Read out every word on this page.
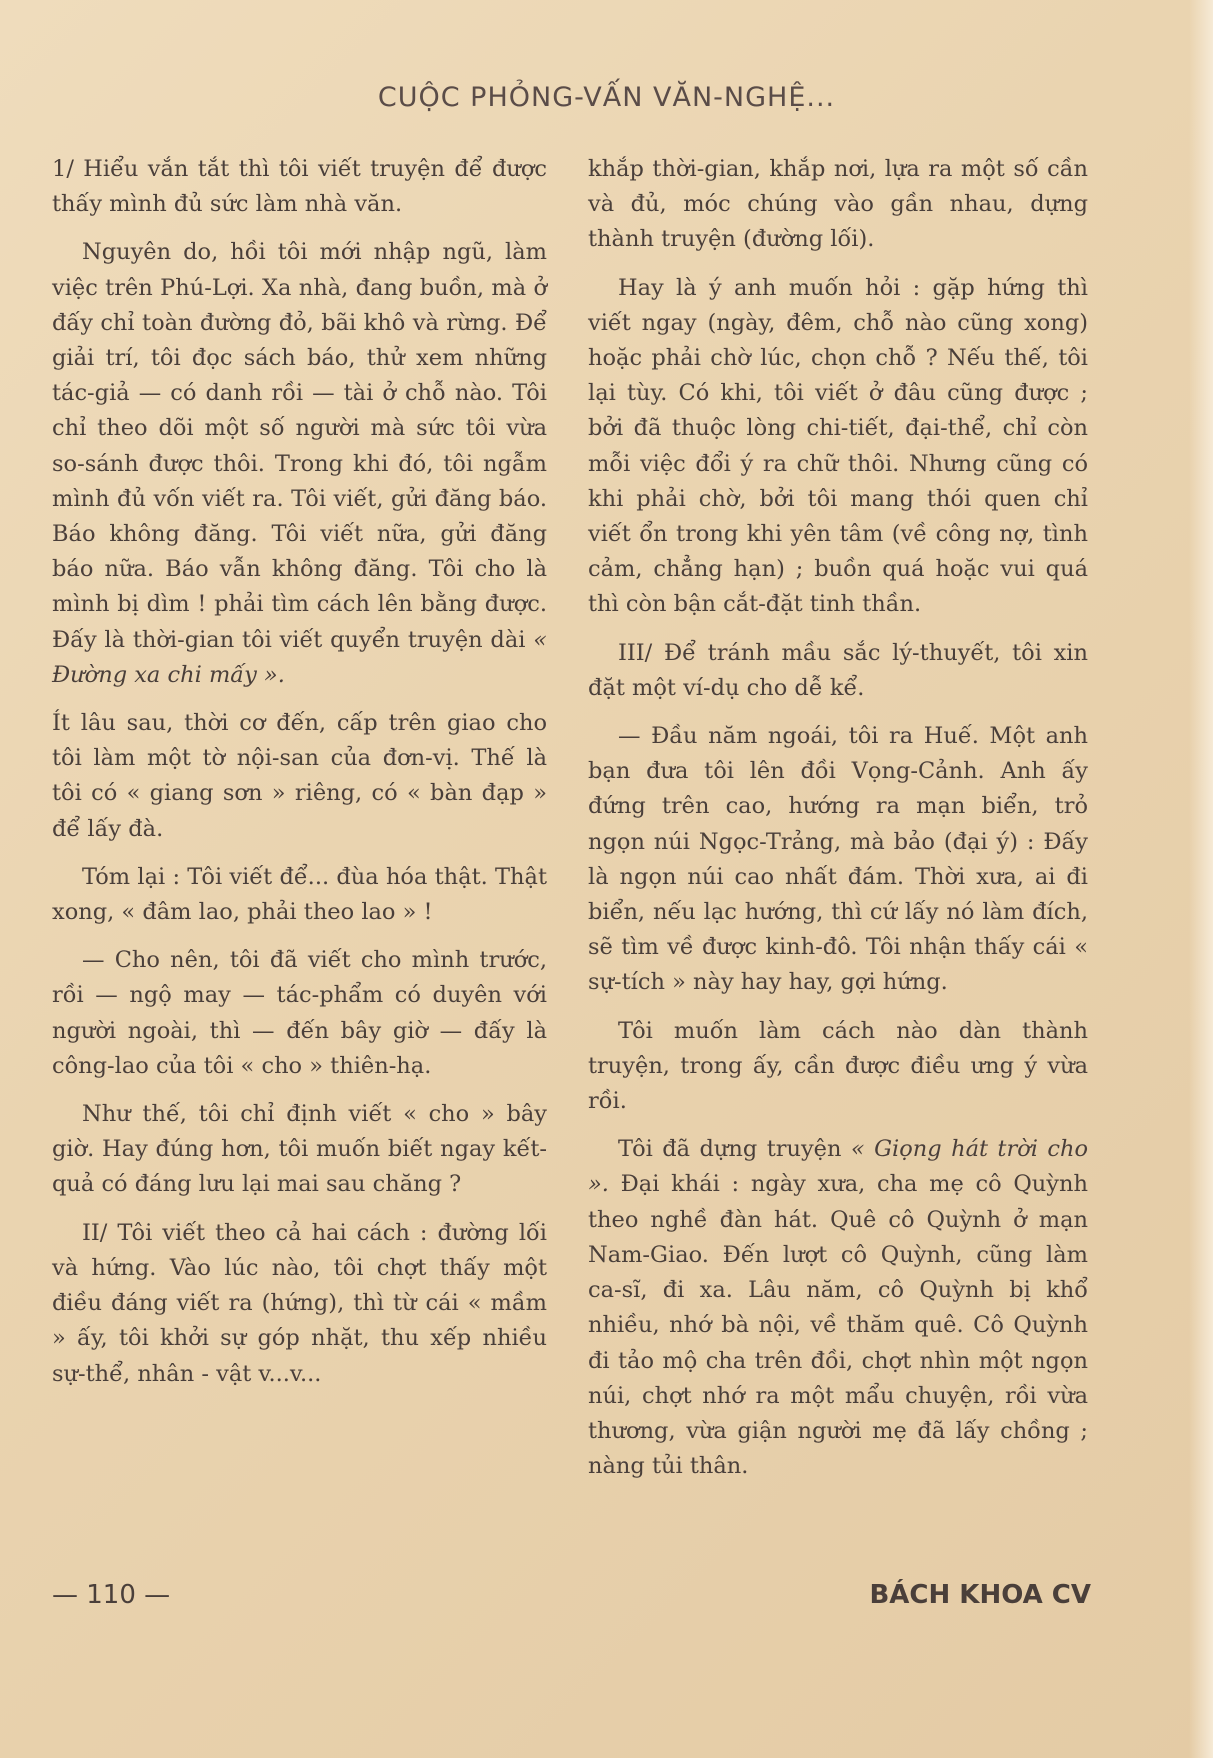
CUỘC PHỎNG-VẤN VĂN-NGHỆ...

1/ Hiểu vắn tắt thì tôi viết truyện để được thấy mình đủ sức làm nhà văn.

Nguyên do, hồi tôi mới nhập ngũ, làm việc trên Phú-Lợi. Xa nhà, đang buồn, mà ở đấy chỉ toàn đường đỏ, bãi khô và rừng. Để giải trí, tôi đọc sách báo, thử xem những tác-giả — có danh rồi — tài ở chỗ nào. Tôi chỉ theo dõi một số người mà sức tôi vừa so-sánh được thôi. Trong khi đó, tôi ngẫm mình đủ vốn viết ra. Tôi viết, gửi đăng báo. Báo không đăng. Tôi viết nữa, gửi đăng báo nữa. Báo vẫn không đăng. Tôi cho là mình bị dìm ! phải tìm cách lên bằng được. Đấy là thời-gian tôi viết quyển truyện dài « Đường xa chi mấy ».

Ít lâu sau, thời cơ đến, cấp trên giao cho tôi làm một tờ nội-san của đơn-vị. Thế là tôi có « giang sơn » riêng, có « bàn đạp » để lấy đà.

Tóm lại : Tôi viết để... đùa hóa thật. Thật xong, « đâm lao, phải theo lao » !

— Cho nên, tôi đã viết cho mình trước, rồi — ngộ may — tác-phẩm có duyên với người ngoài, thì — đến bây giờ — đấy là công-lao của tôi « cho » thiên-hạ.

Như thế, tôi chỉ định viết « cho » bây giờ. Hay đúng hơn, tôi muốn biết ngay kết-quả có đáng lưu lại mai sau chăng ?

II/ Tôi viết theo cả hai cách : đường lối và hứng. Vào lúc nào, tôi chợt thấy một điều đáng viết ra (hứng), thì từ cái « mầm » ấy, tôi khởi sự góp nhặt, thu xếp nhiều sự-thể, nhân - vật v...v...

khắp thời-gian, khắp nơi, lựa ra một số cần và đủ, móc chúng vào gần nhau, dựng thành truyện (đường lối).

Hay là ý anh muốn hỏi : gặp hứng thì viết ngay (ngày, đêm, chỗ nào cũng xong) hoặc phải chờ lúc, chọn chỗ ? Nếu thế, tôi lại tùy. Có khi, tôi viết ở đâu cũng được ; bởi đã thuộc lòng chi-tiết, đại-thể, chỉ còn mỗi việc đổi ý ra chữ thôi. Nhưng cũng có khi phải chờ, bởi tôi mang thói quen chỉ viết ổn trong khi yên tâm (về công nợ, tình cảm, chẳng hạn) ; buồn quá hoặc vui quá thì còn bận cắt-đặt tinh thần.

III/ Để tránh mầu sắc lý-thuyết, tôi xin đặt một ví-dụ cho dễ kể.

— Đầu năm ngoái, tôi ra Huế. Một anh bạn đưa tôi lên đồi Vọng-Cảnh. Anh ấy đứng trên cao, hướng ra mạn biển, trỏ ngọn núi Ngọc-Trảng, mà bảo (đại ý) : Đấy là ngọn núi cao nhất đám. Thời xưa, ai đi biển, nếu lạc hướng, thì cứ lấy nó làm đích, sẽ tìm về được kinh-đô. Tôi nhận thấy cái « sự-tích » này hay hay, gợi hứng.

Tôi muốn làm cách nào dàn thành truyện, trong ấy, cần được điều ưng ý vừa rồi.

Tôi đã dựng truyện « Giọng hát trời cho ». Đại khái : ngày xưa, cha mẹ cô Quỳnh theo nghề đàn hát. Quê cô Quỳnh ở mạn Nam-Giao. Đến lượt cô Quỳnh, cũng làm ca-sĩ, đi xa. Lâu năm, cô Quỳnh bị khổ nhiều, nhớ bà nội, về thăm quê. Cô Quỳnh đi tảo mộ cha trên đồi, chợt nhìn một ngọn núi, chợt nhớ ra một mẩu chuyện, rồi vừa thương, vừa giận người mẹ đã lấy chồng ; nàng tủi thân.

— 110 —	BÁCH KHOA CV
